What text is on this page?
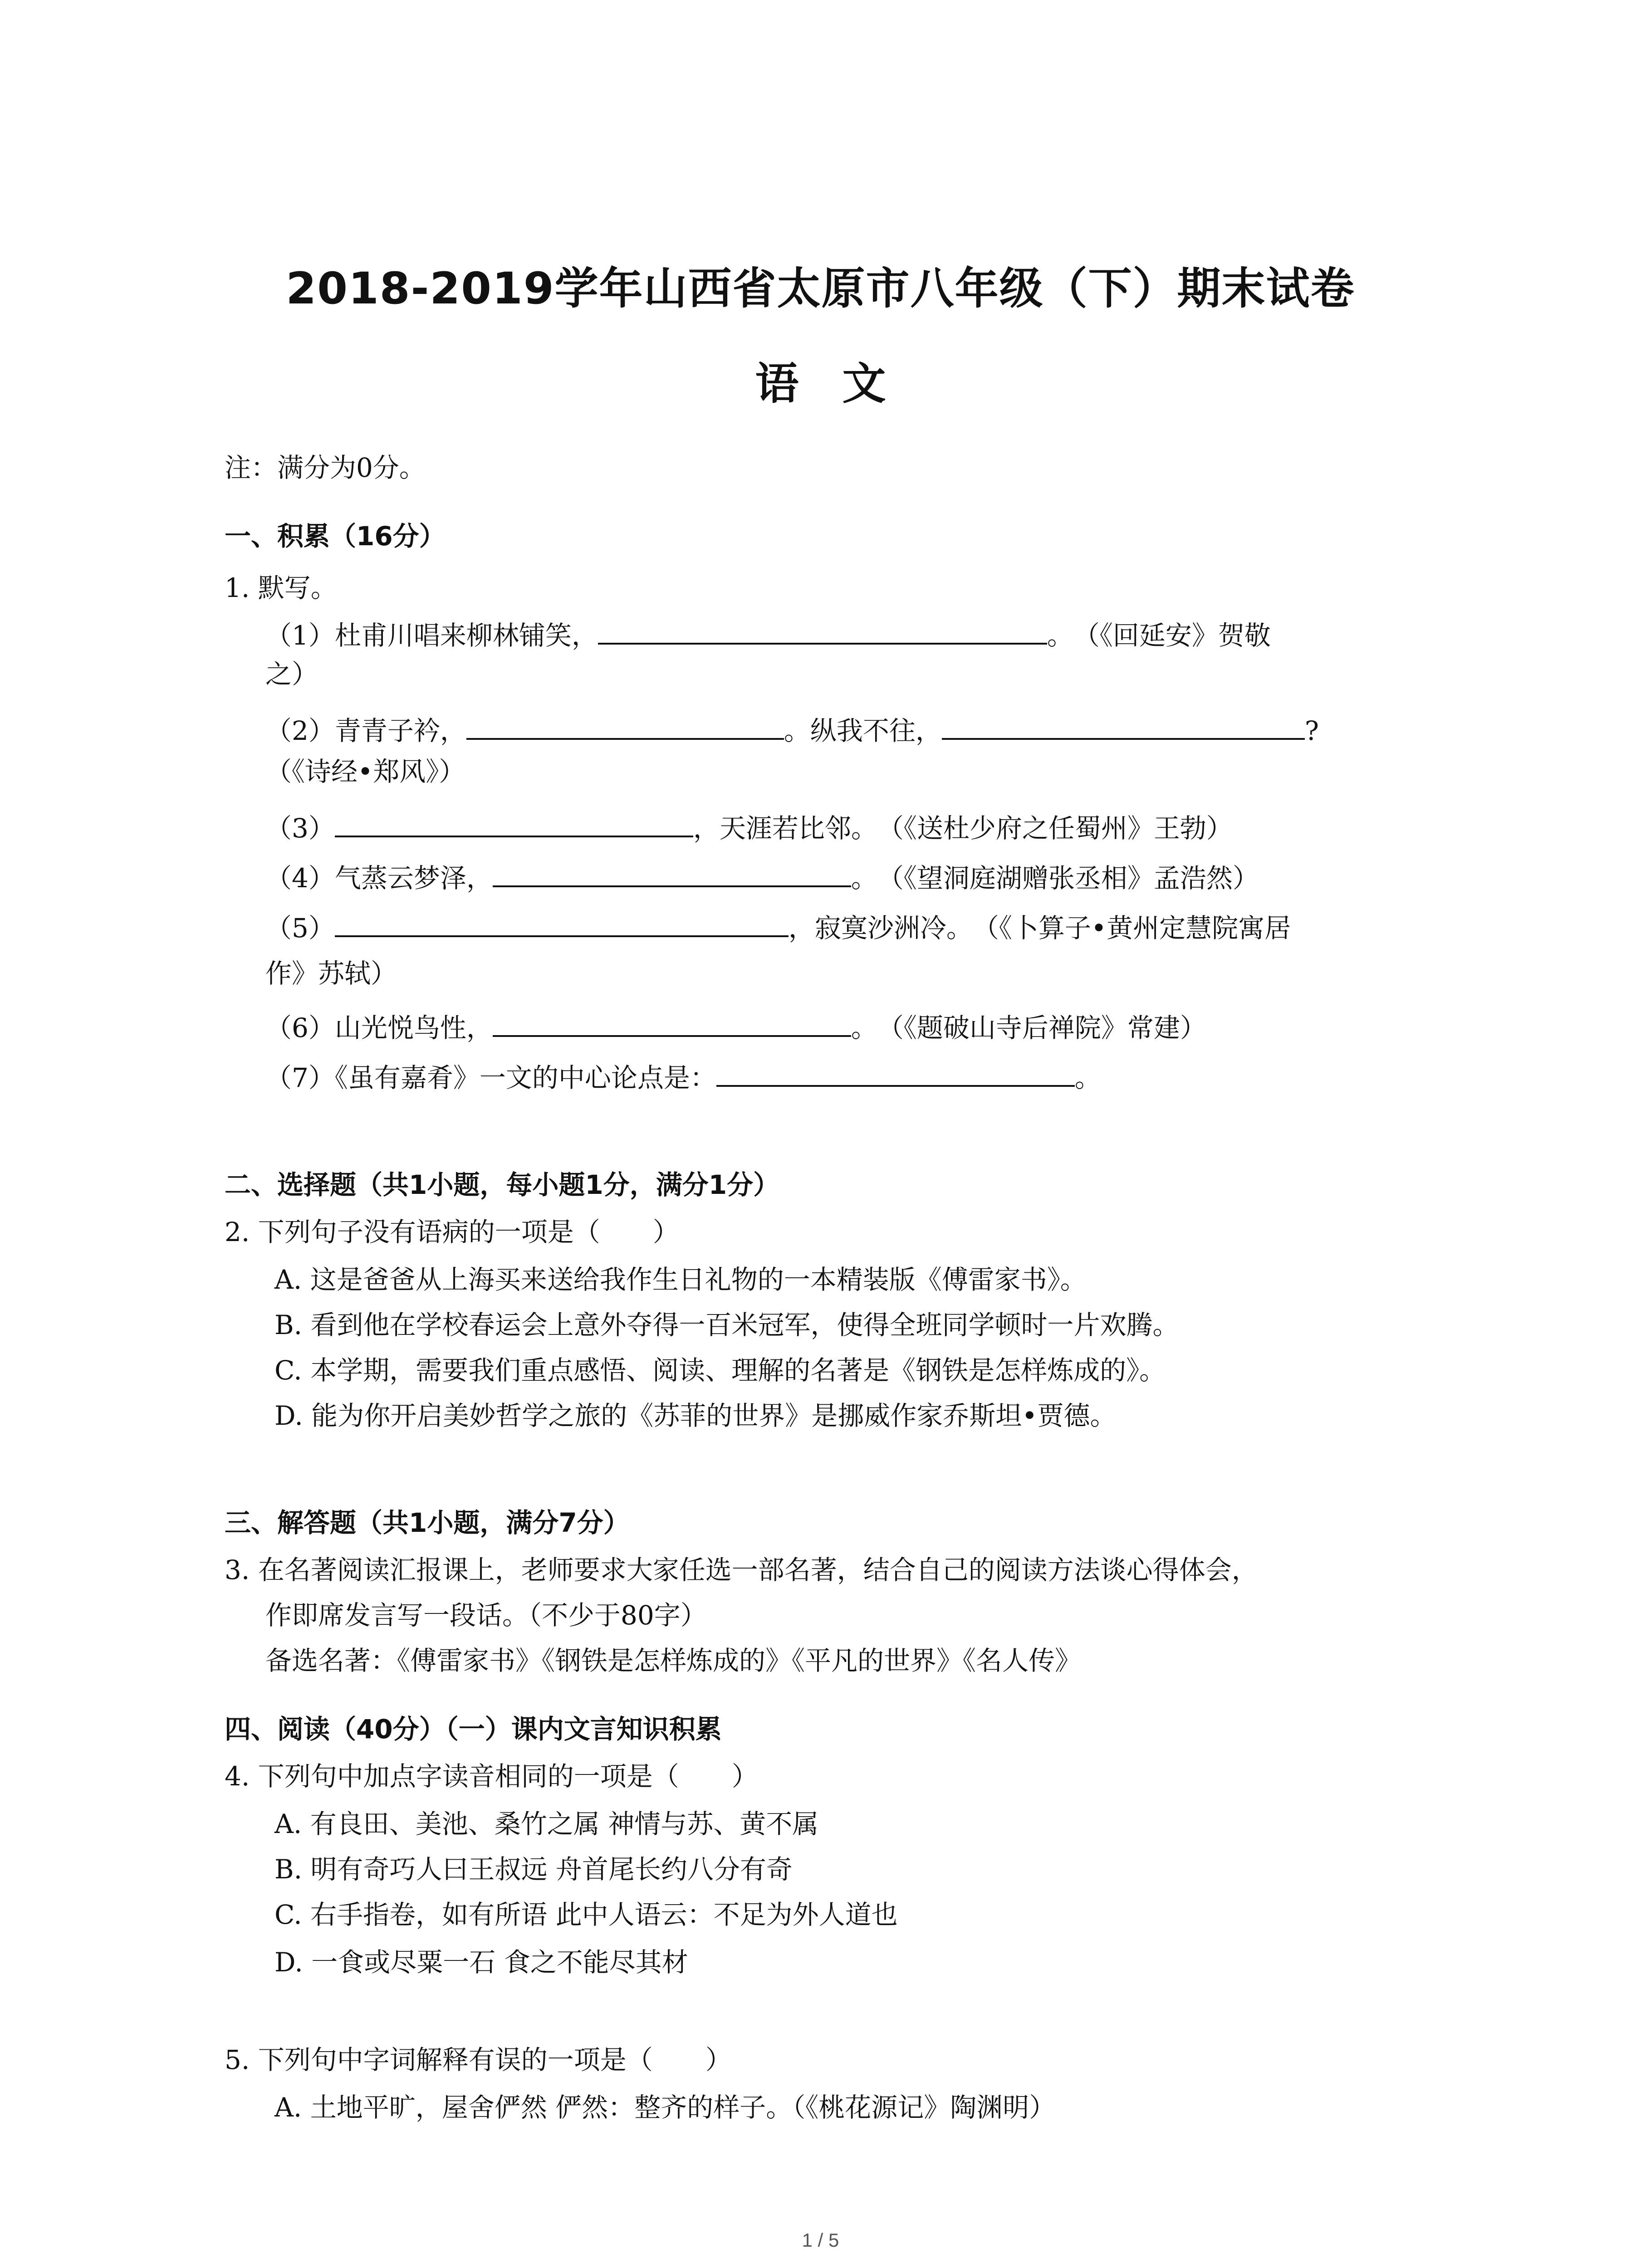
2018-2019学年山西省太原市八年级（下）期末试卷
语　文
注：满分为0分。
一、积累（16分）
1. 默写。
（1）杜甫川唱来柳林铺笑，	。　（《回延安》贺敬
之）
（2）青青子衿，	。纵我不往，	?
（《诗经•郑风》）
（3）	，天涯若比邻。　（《送杜少府之任蜀州》王勃）
（4）气蒸云梦泽，	。　（《望洞庭湖赠张丞相》孟浩然）
（5）	，寂寞沙洲冷。　（《卜算子•黄州定慧院寓居
作》苏轼）
（6）山光悦鸟性，	。　（《题破山寺后禅院》常建）
（7）《虽有嘉肴》一文的中心论点是：	。
二、选择题（共1小题，每小题1分，满分1分）
2. 下列句子没有语病的一项是（　　）
A. 这是爸爸从上海买来送给我作生日礼物的一本精装版《傅雷家书》。
B. 看到他在学校春运会上意外夺得一百米冠军，使得全班同学顿时一片欢腾。
C. 本学期，需要我们重点感悟、阅读、理解的名著是《钢铁是怎样炼成的》。
D. 能为你开启美妙哲学之旅的《苏菲的世界》是挪威作家乔斯坦•贾德。
三、解答题（共1小题，满分7分）
3. 在名著阅读汇报课上，老师要求大家任选一部名著，结合自己的阅读方法谈心得体会，
作即席发言写一段话。（不少于80字）
备选名著：《傅雷家书》《钢铁是怎样炼成的》《平凡的世界》《名人传》
四、阅读（40分）（一）课内文言知识积累
4. 下列句中加点字读音相同的一项是（　　）
A. 有良田、美池、桑竹之属 神情与苏、黄不属
B. 明有奇巧人曰王叔远 舟首尾长约八分有奇
C. 右手指卷，如有所语 此中人语云：不足为外人道也
D. 一食或尽粟一石 食之不能尽其材
5. 下列句中字词解释有误的一项是（　　）
A. 土地平旷，屋舍俨然 俨然：整齐的样子。（《桃花源记》陶渊明）
1 / 5
